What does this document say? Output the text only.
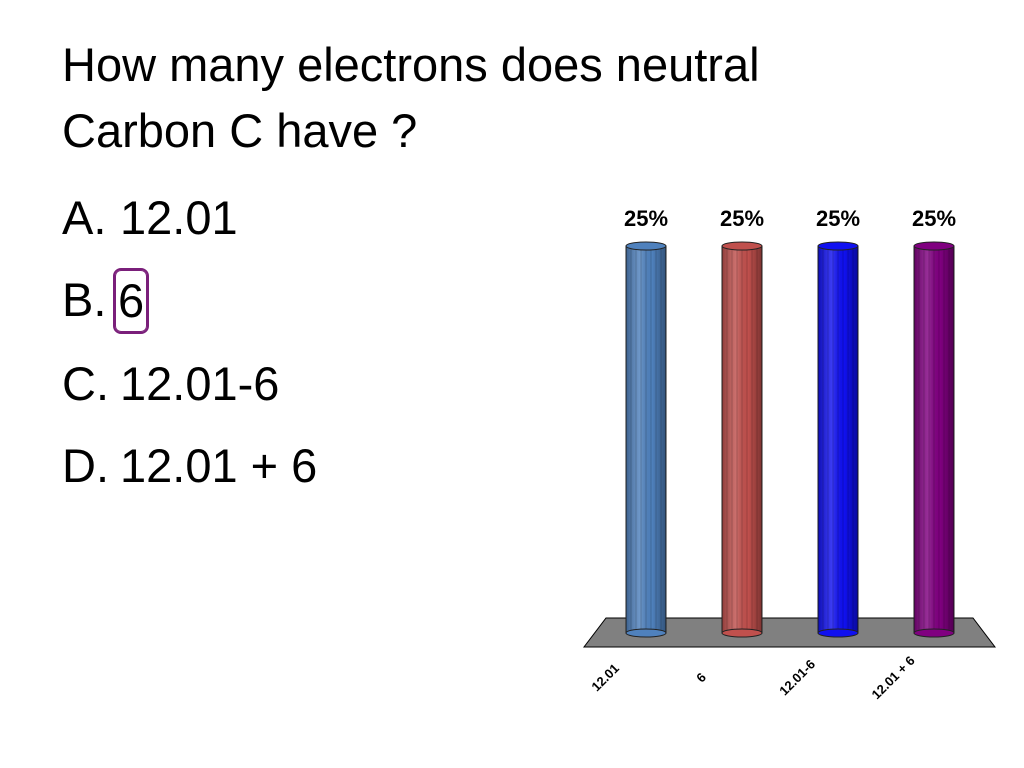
How many electrons does neutral
Carbon C have ?
A. 12.01
B. 6
C. 12.01-6
D. 12.01 + 6
25%
12.01
25%
6
25%
12.01-6
25%
12.01 + 6
